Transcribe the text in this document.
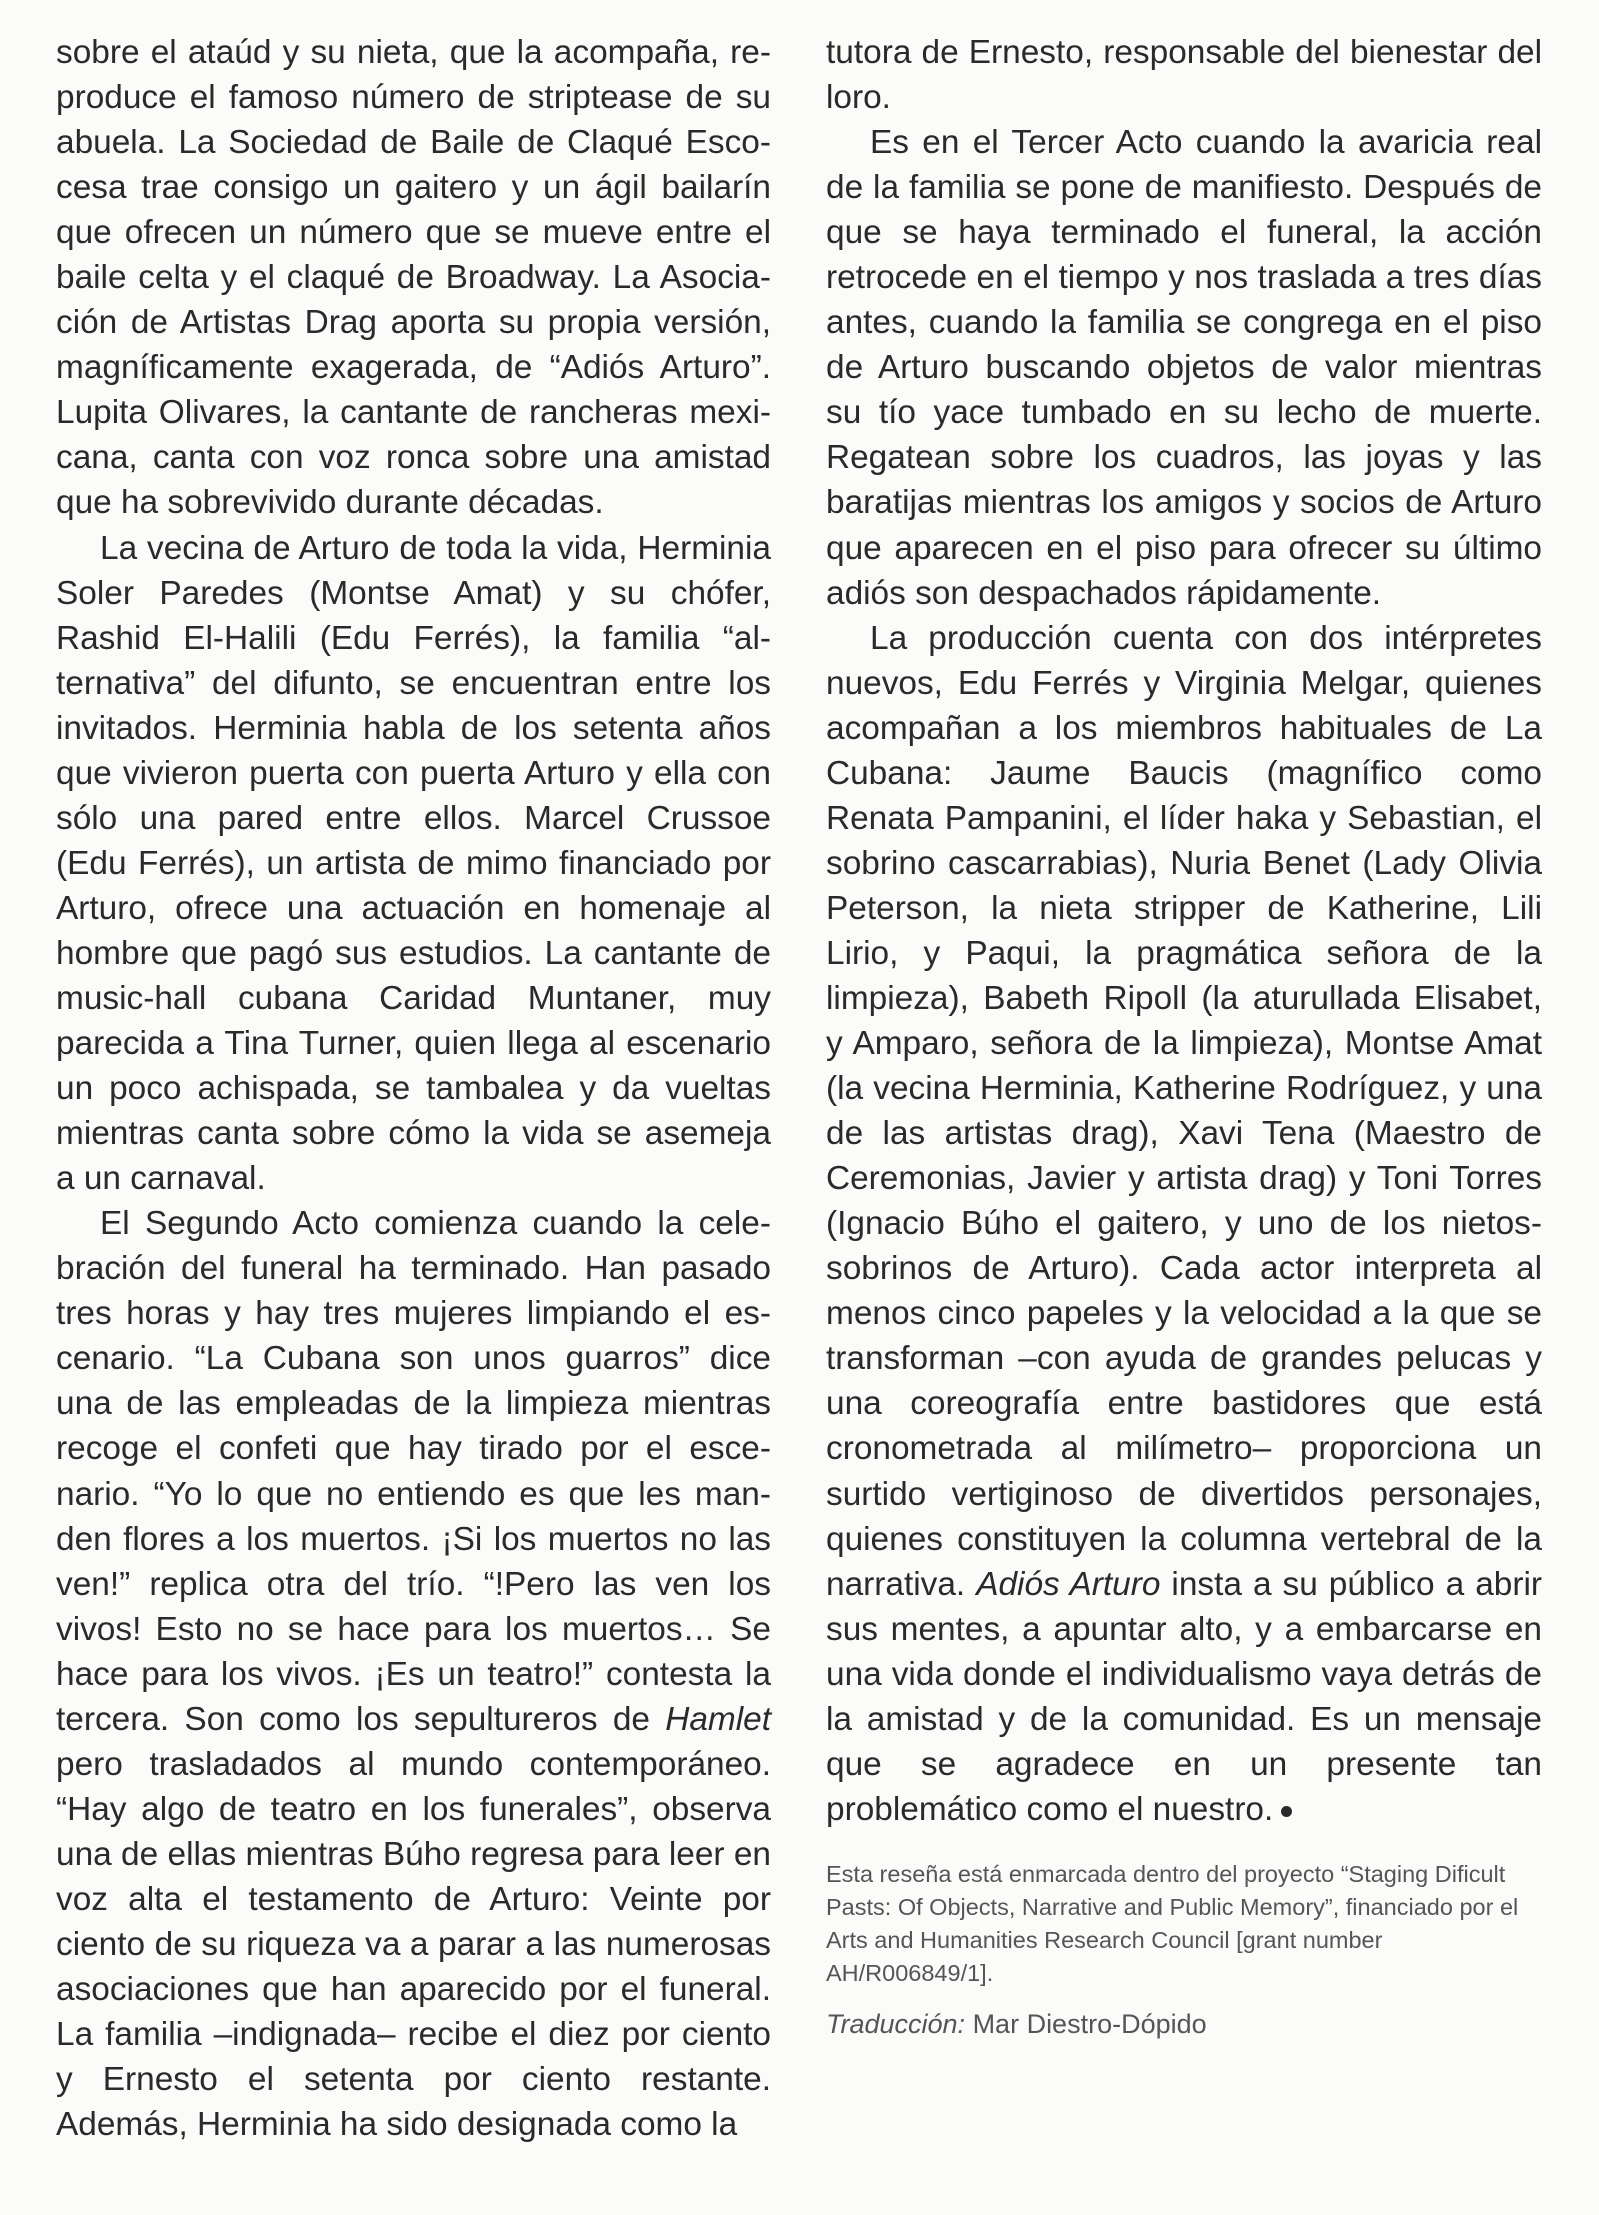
sobre el ataúd y su nieta, que la acompaña, reproduce el famoso número de striptease de su abuela. La Sociedad de Baile de Claqué Escocesa trae consigo un gaitero y un ágil bailarín que ofrecen un número que se mueve entre el baile celta y el claqué de Broadway. La Asociación de Artistas Drag aporta su propia versión, magníficamente exagerada, de “Adiós Arturo”. Lupita Olivares, la cantante de rancheras mexicana, canta con voz ronca sobre una amistad que ha sobrevivido durante décadas.

La vecina de Arturo de toda la vida, Herminia Soler Paredes (Montse Amat) y su chófer, Rashid El-Halili (Edu Ferrés), la familia “alternativa” del difunto, se encuentran entre los invitados. Herminia habla de los setenta años que vivieron puerta con puerta Arturo y ella con sólo una pared entre ellos. Marcel Crussoe (Edu Ferrés), un artista de mimo financiado por Arturo, ofrece una actuación en homenaje al hombre que pagó sus estudios. La cantante de music-hall cubana Caridad Muntaner, muy parecida a Tina Turner, quien llega al escenario un poco achispada, se tambalea y da vueltas mientras canta sobre cómo la vida se asemeja a un carnaval.

El Segundo Acto comienza cuando la celebración del funeral ha terminado. Han pasado tres horas y hay tres mujeres limpiando el escenario. “La Cubana son unos guarros” dice una de las empleadas de la limpieza mientras recoge el confeti que hay tirado por el escenario. “Yo lo que no entiendo es que les manden flores a los muertos. ¡Si los muertos no las ven!” replica otra del trío. “!Pero las ven los vivos! Esto no se hace para los muertos… Se hace para los vivos. ¡Es un teatro!” contesta la tercera. Son como los sepultureros de Hamlet pero trasladados al mundo contemporáneo. “Hay algo de teatro en los funerales”, observa una de ellas mientras Búho regresa para leer en voz alta el testamento de Arturo: Veinte por ciento de su riqueza va a parar a las numerosas asociaciones que han aparecido por el funeral. La familia –indignada– recibe el diez por ciento y Ernesto el setenta por ciento restante. Además, Herminia ha sido designada como la

tutora de Ernesto, responsable del bienestar del loro.

Es en el Tercer Acto cuando la avaricia real de la familia se pone de manifiesto. Después de que se haya terminado el funeral, la acción retrocede en el tiempo y nos traslada a tres días antes, cuando la familia se congrega en el piso de Arturo buscando objetos de valor mientras su tío yace tumbado en su lecho de muerte. Regatean sobre los cuadros, las joyas y las baratijas mientras los amigos y socios de Arturo que aparecen en el piso para ofrecer su último adiós son despachados rápidamente.

La producción cuenta con dos intérpretes nuevos, Edu Ferrés y Virginia Melgar, quienes acompañan a los miembros habituales de La Cubana: Jaume Baucis (magnífico como Renata Pampanini, el líder haka y Sebastian, el sobrino cascarrabias), Nuria Benet (Lady Olivia Peterson, la nieta stripper de Katherine, Lili Lirio, y Paqui, la pragmática señora de la limpieza), Babeth Ripoll (la aturullada Elisabet, y Amparo, señora de la limpieza), Montse Amat (la vecina Herminia, Katherine Rodríguez, y una de las artistas drag), Xavi Tena (Maestro de Ceremonias, Javier y artista drag) y Toni Torres (Ignacio Búho el gaitero, y uno de los nietos-sobrinos de Arturo). Cada actor interpreta al menos cinco papeles y la velocidad a la que se transforman –con ayuda de grandes pelucas y una coreografía entre bastidores que está cronometrada al milímetro– proporciona un surtido vertiginoso de divertidos personajes, quienes constituyen la columna vertebral de la narrativa. Adiós Arturo insta a su público a abrir sus mentes, a apuntar alto, y a embarcarse en una vida donde el individualismo vaya detrás de la amistad y de la comunidad. Es un mensaje que se agradece en un presente tan problemático como el nuestro.

Esta reseña está enmarcada dentro del proyecto “Staging Dificult Pasts: Of Objects, Narrative and Public Memory”, financiado por el Arts and Humanities Research Council [grant number AH/R006849/1].
Traducción: Mar Diestro-Dópido
